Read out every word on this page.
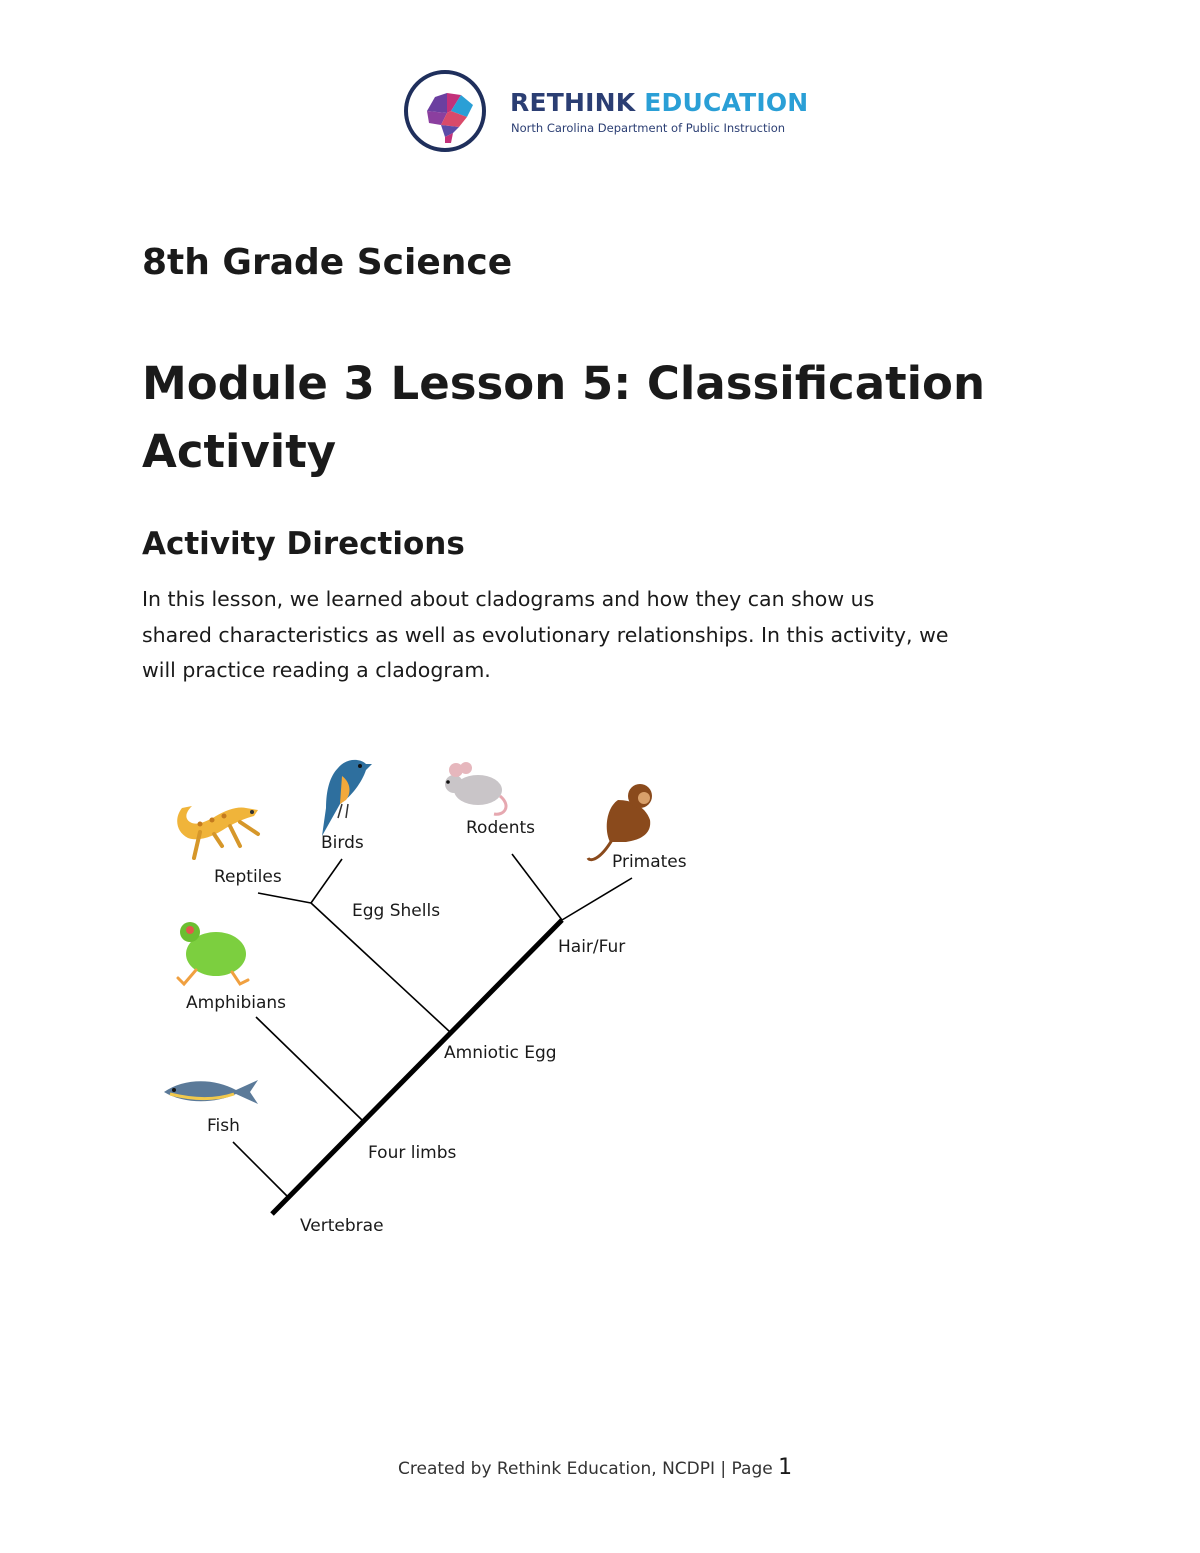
RETHINK EDUCATION
North Carolina Department of Public Instruction
8th Grade Science
Module 3 Lesson 5: Classification Activity
Activity Directions

In this lesson, we learned about cladograms and how they can show us
shared characteristics as well as evolutionary relationships. In this activity, we
will practice reading a cladogram.

Reptiles
Birds
Rodents
Primates
Amphibians
Fish
Egg Shells
Hair/Fur
Amniotic Egg
Four limbs
Vertebrae
Created by Rethink Education, NCDPI | Page 1
